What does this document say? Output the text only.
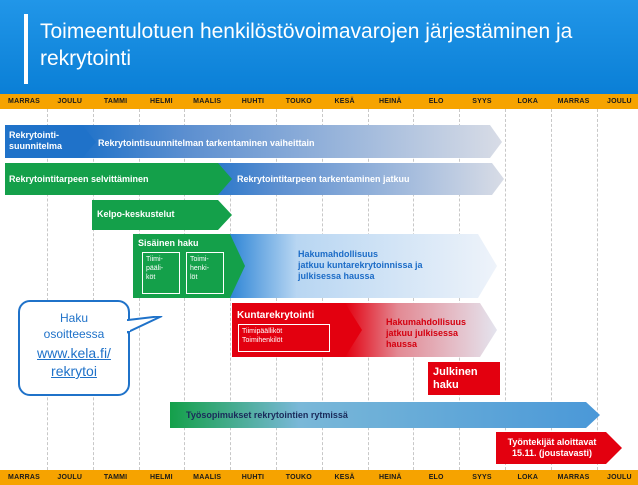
Toimeentulotuen henkilöstövoimavarojen järjestäminen ja rekrytointi
MARRAS JOULU	TAMMI	HELMI	MAALIS	HUHTI	TOUKO	KESÄ	HEINÄ	ELO	SYYS	LOKA	MARRAS JOULU
MARRAS JOULU	TAMMI	HELMI	MAALIS	HUHTI	TOUKO	KESÄ	HEINÄ	ELO	SYYS	LOKA	MARRAS JOULU
Rekrytointi-
suunnitelma	Rekrytointisuunnitelman tarkentaminen vaiheittain
Rekrytointitarpeen selvittäminen	Rekrytointitarpeen tarkentaminen jatkuu
Kelpo-keskustelut
Sisäinen haku
Tiimi-
pääli-
köt
Toimi-
henki-
löt
Hakumahdollisuus
jatkuu kuntarekrytoinnissa ja
julkisessa haussa
Kuntarekrytointi
Tiimipäälliköt
Toimihenkilöt
Hakumahdollisuus
jatkuu julkisessa
haussa
Julkinen
haku
Työsopimukset rekrytointien rytmissä
Työntekijät aloittavat
15.11. (joustavasti)
Haku
osoitteessa
www.kela.fi/
rekrytoi
